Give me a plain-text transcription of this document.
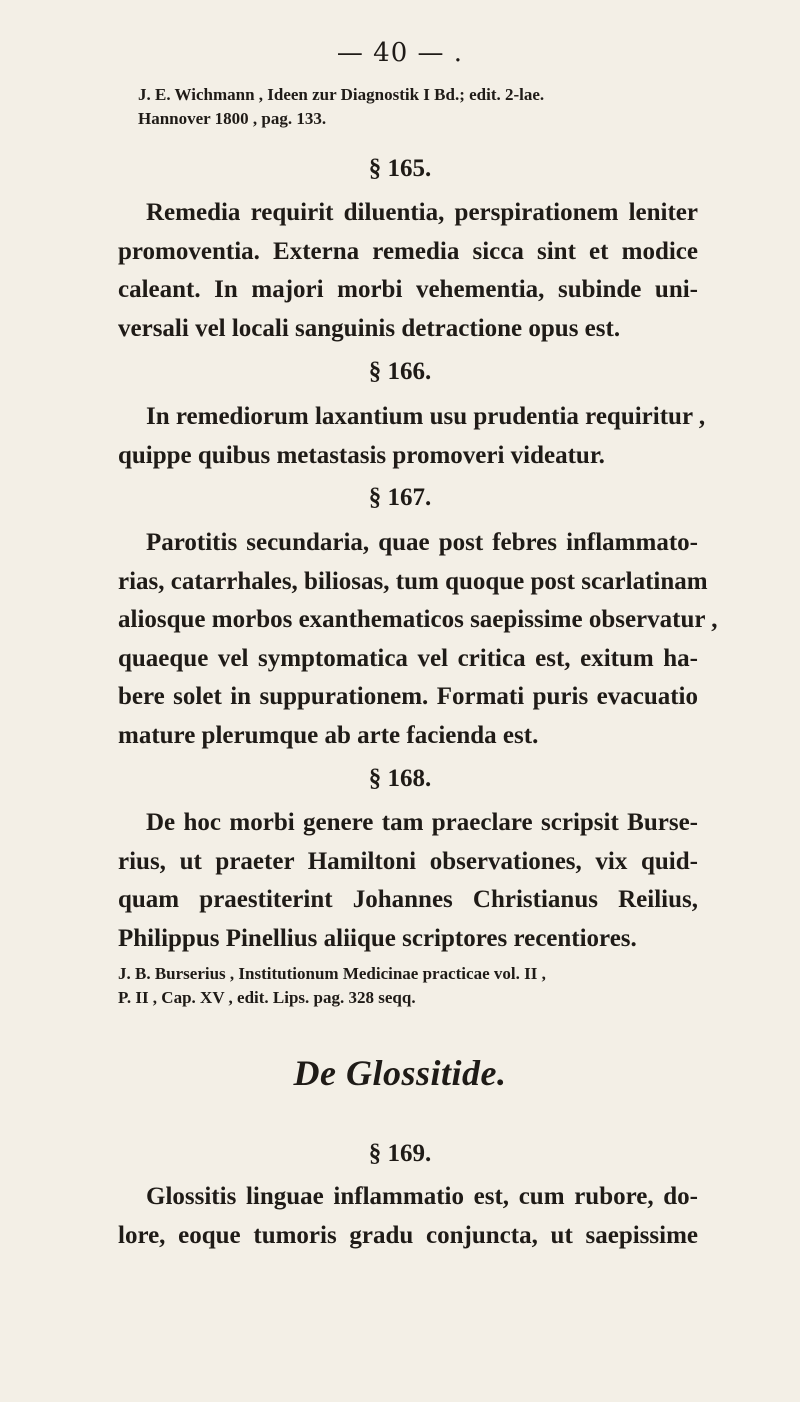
— 40 — .
J. E. Wichmann , Ideen zur Diagnostik I Bd.; edit. 2-lae.
Hannover 1800 , pag. 133.
§ 165.
Remedia requirit diluentia, perspirationem leniter
promoventia. Externa remedia sicca sint et modice
caleant. In majori morbi vehementia, subinde uni-
versali vel locali sanguinis detractione opus est.
§ 166.
In remediorum laxantium usu prudentia requiritur ,
quippe quibus metastasis promoveri videatur.
§ 167.
Parotitis secundaria, quae post febres inflammato-
rias, catarrhales, biliosas, tum quoque post scarlatinam
aliosque morbos exanthematicos saepissime observatur ,
quaeque vel symptomatica vel critica est, exitum ha-
bere solet in suppurationem. Formati puris evacuatio
mature plerumque ab arte facienda est.
§ 168.
De hoc morbi genere tam praeclare scripsit Burse-
rius, ut praeter Hamiltoni observationes, vix quid-
quam praestiterint Johannes Christianus Reilius,
Philippus Pinellius aliique scriptores recentiores.
J. B. Burserius , Institutionum Medicinae practicae vol. II ,
P. II , Cap. XV , edit. Lips. pag. 328 seqq.
De Glossitide.
§ 169.
Glossitis linguae inflammatio est, cum rubore, do-
lore, eoque tumoris gradu conjuncta, ut saepissime
